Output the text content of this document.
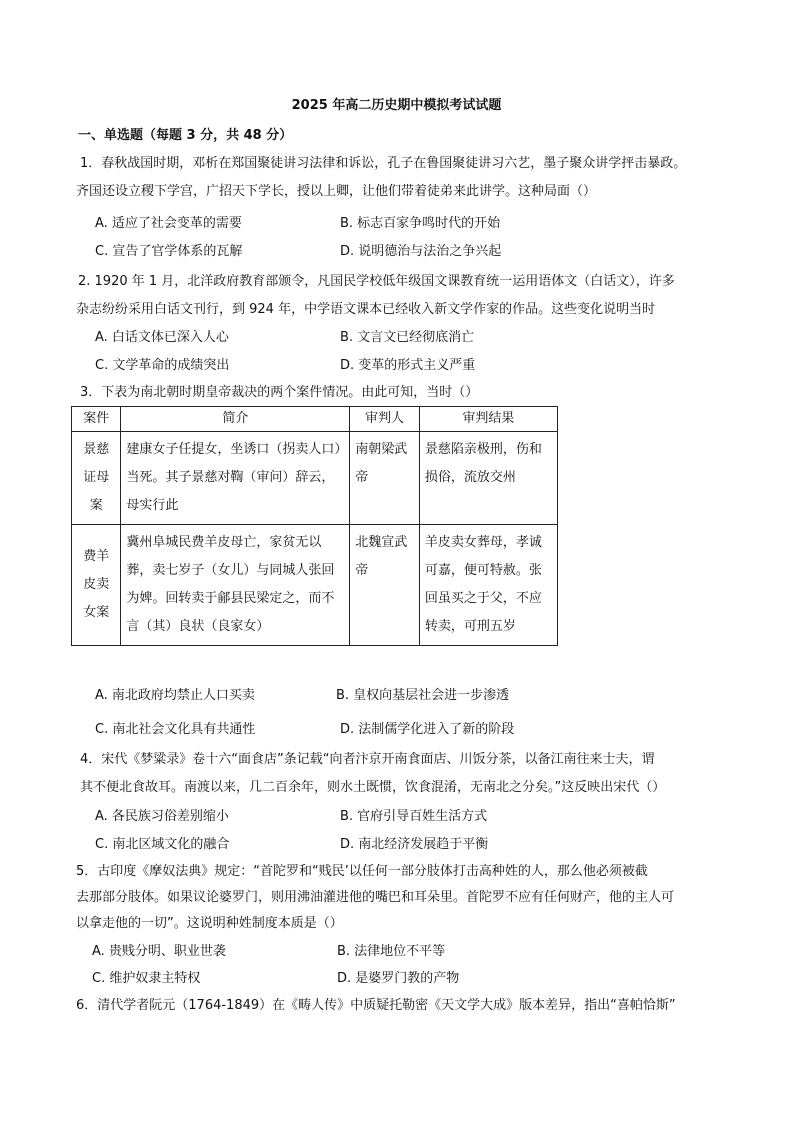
2025 年高二历史期中模拟考试试题
一、单选题（每题 3 分，共 48 分）
1．春秋战国时期，邓析在郑国聚徒讲习法律和诉讼，孔子在鲁国聚徒讲习六艺，墨子聚众讲学抨击暴政。
齐国还设立稷下学宫，广招天下学长，授以上卿，让他们带着徒弟来此讲学。这种局面（）
A. 适应了社会变革的需要	B. 标志百家争鸣时代的开始
C. 宣告了官学体系的瓦解	D. 说明德治与法治之争兴起
2. 1920 年 1 月，北洋政府教育部颁令，凡国民学校低年级国文课教育统一运用语体文（白话文），许多
杂志纷纷采用白话文刊行，到 924 年，中学语文课本已经收入新文学作家的作品。这些变化说明当时
A. 白话文体已深入人心	B. 文言文已经彻底消亡
C. 文学革命的成绩突出	D. 变革的形式主义严重
3．下表为南北朝时期皇帝裁决的两个案件情况。由此可知，当时（）
案件	简介	审判人	审判结果
景慈证母案	建康女子任提女，坐诱口（拐卖人口）当死。其子景慈对鞫（审问）辞云，母实行此	南朝梁武帝	景慈陷亲极刑，伤和损俗，流放交州
费羊皮卖女案	冀州阜城民费羊皮母亡，家贫无以葬，卖七岁子（女儿）与同城人张回为婢。回转卖于鄃县民梁定之，而不言（其）良状（良家女）	北魏宣武帝	羊皮卖女葬母，孝诚可嘉，便可特赦。张回虽买之于父，不应转卖，可刑五岁
A. 南北政府均禁止人口买卖	B. 皇权向基层社会进一步渗透
C. 南北社会文化具有共通性	D. 法制儒学化进入了新的阶段
4．宋代《梦粱录》卷十六“面食店”条记载“向者汴京开南食面店、川饭分茶，以备江南往来士夫，谓
其不便北食故耳。南渡以来，几二百余年，则水土既惯，饮食混淆，无南北之分矣。”这反映出宋代（）
A. 各民族习俗差别缩小	B. 官府引导百姓生活方式
C. 南北区域文化的融合	D. 南北经济发展趋于平衡
5．古印度《摩奴法典》规定：“首陀罗和“贱民’以任何一部分肢体打击高种姓的人，那么他必须被截
去那部分肢体。如果议论婆罗门，则用沸油灌进他的嘴巴和耳朵里。首陀罗不应有任何财产，他的主人可
以拿走他的一切”。这说明种姓制度本质是（）
A. 贵贱分明、职业世袭	B. 法律地位不平等
C. 维护奴隶主特权	D. 是婆罗门教的产物
6．清代学者阮元（1764-1849）在《畴人传》中质疑托勒密《天文学大成》版本差异，指出“喜帕恰斯”
